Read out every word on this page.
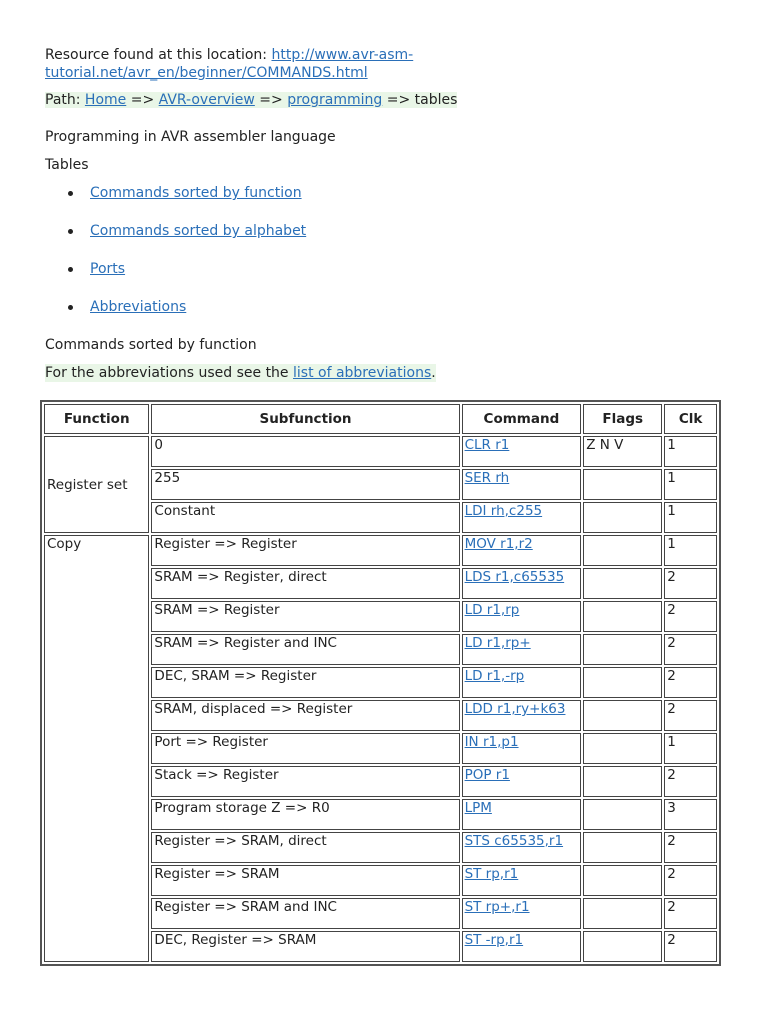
Resource found at this location: http://www.avr-asm-tutorial.net/avr_en/beginner/COMMANDS.html

Path: Home => AVR-overview => programming => tables

Programming in AVR assembler language

Tables

Commands sorted by function
Commands sorted by alphabet
Ports
Abbreviations

Commands sorted by function

For the abbreviations used see the list of abbreviations.

Function	Subfunction	Command	Flags	Clk
Register set	0	CLR r1	Z N V	1
	255	SER rh		1
	Constant	LDI rh,c255		1
Copy	Register => Register	MOV r1,r2		1
	SRAM => Register, direct	LDS r1,c65535		2
	SRAM => Register	LD r1,rp		2
	SRAM => Register and INC	LD r1,rp+		2
	DEC, SRAM => Register	LD r1,-rp		2
	SRAM, displaced => Register	LDD r1,ry+k63		2
	Port => Register	IN r1,p1		1
	Stack => Register	POP r1		2
	Program storage Z => R0	LPM		3
	Register => SRAM, direct	STS c65535,r1		2
	Register => SRAM	ST rp,r1		2
	Register => SRAM and INC	ST rp+,r1		2
	DEC, Register => SRAM	ST -rp,r1		2
